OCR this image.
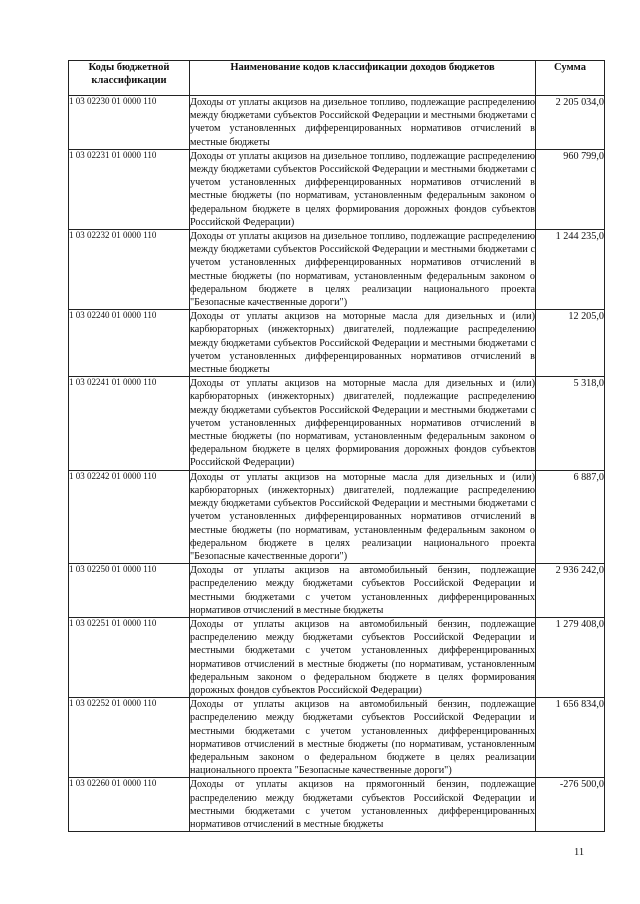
Коды бюджетной классификации	Наименование кодов классификации доходов бюджетов	Сумма
1 03 02230 01 0000 110	Доходы от уплаты акцизов на дизельное топливо, подлежащие распределению между бюджетами субъектов Российской Федерации и местными бюджетами с учетом установленных дифференцированных нормативов отчислений в местные бюджеты	2 205 034,0
1 03 02231 01 0000 110	Доходы от уплаты акцизов на дизельное топливо, подлежащие распределению между бюджетами субъектов Российской Федерации и местными бюджетами с учетом установленных дифференцированных нормативов отчислений в местные бюджеты (по нормативам, установленным федеральным законом о федеральном бюджете в целях формирования дорожных фондов субъектов Российской Федерации)	960 799,0
1 03 02232 01 0000 110	Доходы от уплаты акцизов на дизельное топливо, подлежащие распределению между бюджетами субъектов Российской Федерации и местными бюджетами с учетом установленных дифференцированных нормативов отчислений в местные бюджеты (по нормативам, установленным федеральным законом о федеральном бюджете в целях реализации национального проекта "Безопасные качественные дороги")	1 244 235,0
1 03 02240 01 0000 110	Доходы от уплаты акцизов на моторные масла для дизельных и (или) карбюраторных (инжекторных) двигателей, подлежащие распределению между бюджетами субъектов Российской Федерации и местными бюджетами с учетом установленных дифференцированных нормативов отчислений в местные бюджеты	12 205,0
1 03 02241 01 0000 110	Доходы от уплаты акцизов на моторные масла для дизельных и (или) карбюраторных (инжекторных) двигателей, подлежащие распределению между бюджетами субъектов Российской Федерации и местными бюджетами с учетом установленных дифференцированных нормативов отчислений в местные бюджеты (по нормативам, установленным федеральным законом о федеральном бюджете в целях формирования дорожных фондов субъектов Российской Федерации)	5 318,0
1 03 02242 01 0000 110	Доходы от уплаты акцизов на моторные масла для дизельных и (или) карбюраторных (инжекторных) двигателей, подлежащие распределению между бюджетами субъектов Российской Федерации и местными бюджетами с учетом установленных дифференцированных нормативов отчислений в местные бюджеты (по нормативам, установленным федеральным законом о федеральном бюджете в целях реализации национального проекта "Безопасные качественные дороги")	6 887,0
1 03 02250 01 0000 110	Доходы от уплаты акцизов на автомобильный бензин, подлежащие распределению между бюджетами субъектов Российской Федерации и местными бюджетами с учетом установленных дифференцированных нормативов отчислений в местные бюджеты	2 936 242,0
1 03 02251 01 0000 110	Доходы от уплаты акцизов на автомобильный бензин, подлежащие распределению между бюджетами субъектов Российской Федерации и местными бюджетами с учетом установленных дифференцированных нормативов отчислений в местные бюджеты (по нормативам, установленным федеральным законом о федеральном бюджете в целях формирования дорожных фондов субъектов Российской Федерации)	1 279 408,0
1 03 02252 01 0000 110	Доходы от уплаты акцизов на автомобильный бензин, подлежащие распределению между бюджетами субъектов Российской Федерации и местными бюджетами с учетом установленных дифференцированных нормативов отчислений в местные бюджеты (по нормативам, установленным федеральным законом о федеральном бюджете в целях реализации национального проекта "Безопасные качественные дороги")	1 656 834,0
1 03 02260 01 0000 110	Доходы от уплаты акцизов на прямогонный бензин, подлежащие распределению между бюджетами субъектов Российской Федерации и местными бюджетами с учетом установленных дифференцированных нормативов отчислений в местные бюджеты	-276 500,0
11
